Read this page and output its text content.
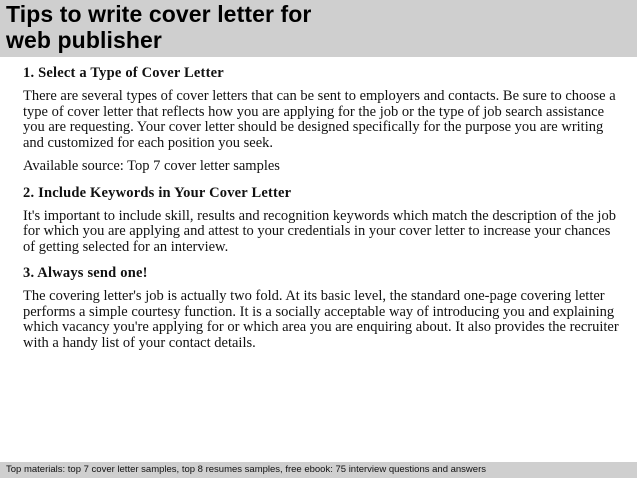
Tips to write cover letter for
web publisher
1. Select a Type of Cover Letter

There are several types of cover letters that can be sent to employers and contacts. Be sure to choose a type of cover letter that reflects how you are applying for the job or the type of job search assistance you are requesting. Your cover letter should be designed specifically for the purpose you are writing and customized for each position you seek.

Available source: Top 7 cover letter samples

2. Include Keywords in Your Cover Letter

It's important to include skill, results and recognition keywords which match the description of the job for which you are applying and attest to your credentials in your cover letter to increase your chances of getting selected for an interview.

3. Always send one!

The covering letter's job is actually two fold. At its basic level, the standard one-page covering letter performs a simple courtesy function. It is a socially acceptable way of introducing you and explaining which vacancy you're applying for or which area you are enquiring about. It also provides the recruiter with a handy list of your contact details.

Top materials: top 7 cover letter samples, top 8 resumes samples, free ebook: 75 interview questions and answers
